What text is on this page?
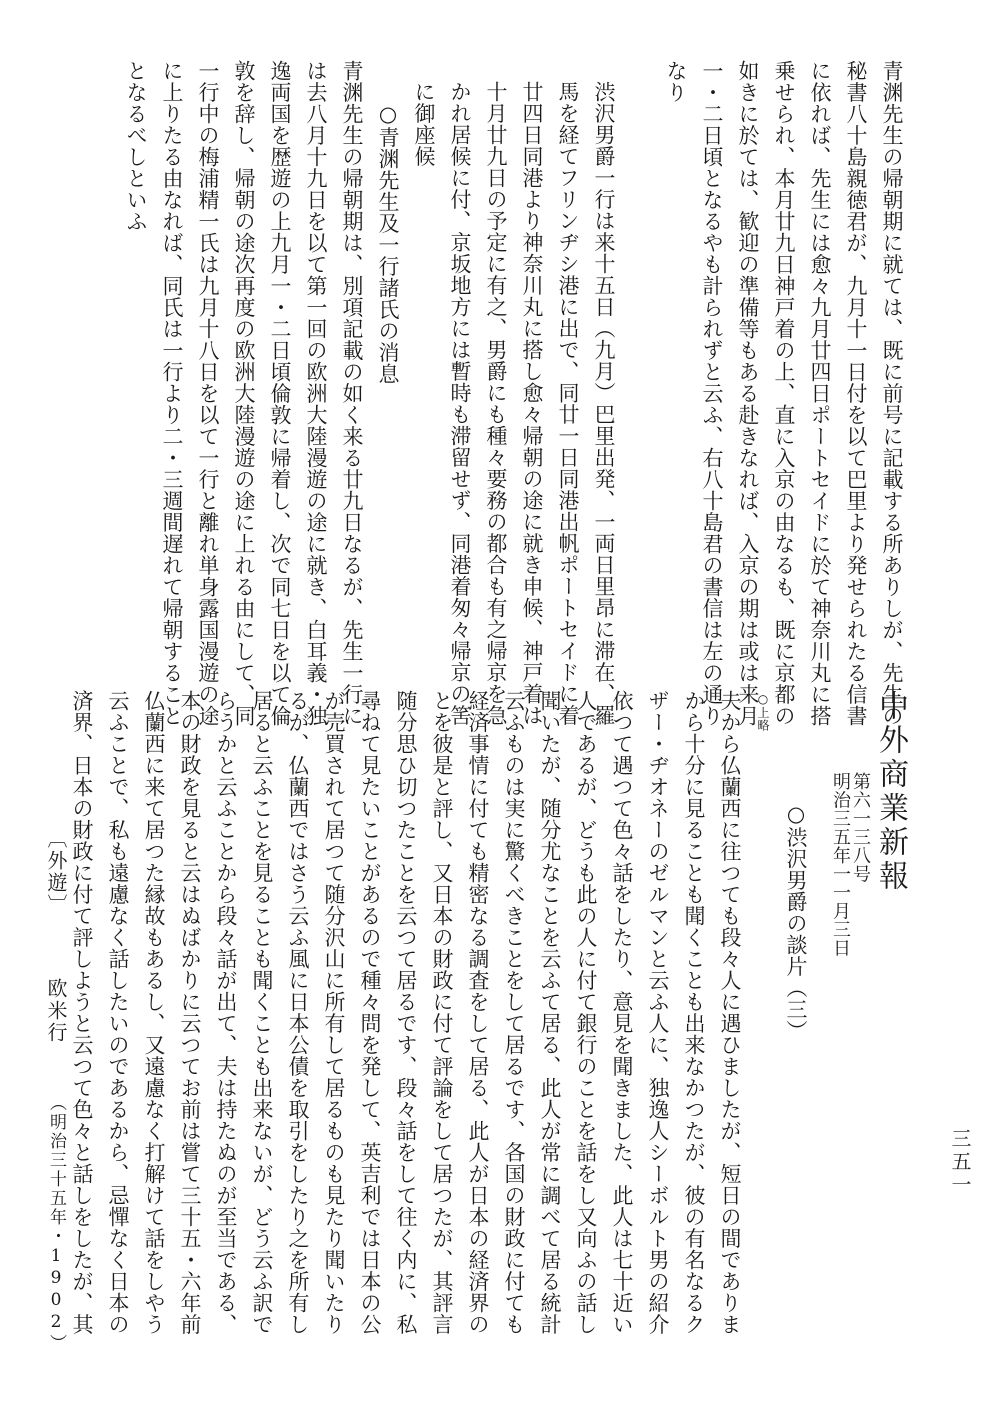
青渊先生の帰朝期に就ては、既に前号に記載する所ありしが、先生の
秘書八十島親徳君が、九月十一日付を以て巴里より発せられたる信書
に依れば、先生には愈々九月廿四日ポートセイドに於て神奈川丸に搭
乗せられ、本月廿九日神戸着の上、直に入京の由なるも、既に京都の
如きに於ては、歓迎の準備等もある赴きなれば、入京の期は或は来月
一・二日頃となるやも計られずと云ふ、右八十島君の書信は左の通り
なり

渋沢男爵一行は来十五日（九月）巴里出発、一両日里昂に滞在、羅
馬を経てフリンヂシ港に出で、同廿一日同港出帆ポートセイドに着
廿四日同港より神奈川丸に搭し愈々帰朝の途に就き申候、神戸着は
十月廿九日の予定に有之、男爵にも種々要務の都合も有之帰京を急
かれ居候に付、京坂地方には暫時も滞留せず、同港着匆々帰京の筈
に御座候

○青渊先生及一行諸氏の消息

青渊先生の帰朝期は、別項記載の如く来る廿九日なるが、先生一行に
は去八月十九日を以て第一回の欧洲大陸漫遊の途に就き、白耳義・独
逸両国を歴遊の上九月一・二日頃倫敦に帰着し、次で同七日を以て倫
敦を辞し、帰朝の途次再度の欧洲大陸漫遊の途に上れる由にして、同
一行中の梅浦精一氏は九月十八日を以て一行と離れ単身露国漫遊の途
に上りたる由なれば、同氏は一行より二・三週間遅れて帰朝すること
となるべしといふ

〔外遊〕 欧米行 （明治三十五年・1902）

中外商業新報

第六一三八号
明治三五年一一月三日

○渋沢男爵の談片（三）

○上略

夫から仏蘭西に往つても段々人に遇ひましたが、短日の間でありま
から十分に見ることも聞くことも出来なかつたが、彼の有名なるク
ザー・ヂオネーのゼルマンと云ふ人に、独逸人シーボルト男の紹介
依つて遇つて色々話をしたり、意見を聞きました、此人は七十近い
人であるが、どうも此の人に付て銀行のことを話をし又向ふの話し
聞いたが、随分尤なことを云ふて居る、此人が常に調べて居る統計
云ふものは実に驚くべきことをして居るです、各国の財政に付ても
経済事情に付ても精密なる調査をして居る、此人が日本の経済界の
とを彼是と評し、又日本の財政に付て評論をして居つたが、其評言
随分思ひ切つたことを云つて居るです、段々話をして往く内に、私
尋ねて見たいことがあるので種々問を発して、英吉利では日本の公
が売買されて居つて随分沢山に所有して居るものも見たり聞いたり
るが、仏蘭西ではさう云ふ風に日本公債を取引をしたり之を所有し
居ると云ふことを見ることも聞くことも出来ないが、どう云ふ訳で
らうかと云ふことから段々話が出て、夫は持たぬのが至当である、
本の財政を見ると云はぬばかりに云つてお前は嘗て三十五・六年前
仏蘭西に来て居つた縁故もあるし、又遠慮なく打解けて話をしやう
云ふことで、私も遠慮なく話したいのであるから、忌憚なく日本の
済界、日本の財政に付て評しようと云つて色々と話しをしたが、其	三五一
